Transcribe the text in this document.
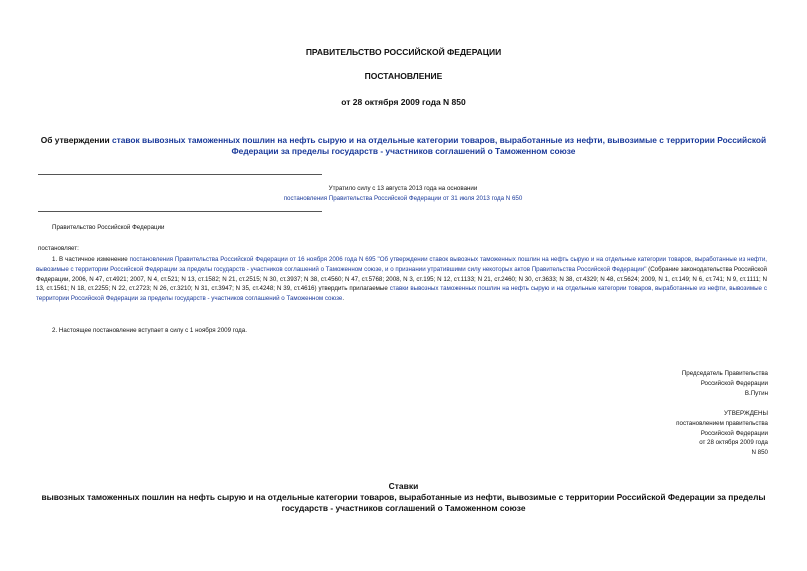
ПРАВИТЕЛЬСТВО РОССИЙСКОЙ ФЕДЕРАЦИИ
ПОСТАНОВЛЕНИЕ
от 28 октября 2009 года N 850
Об утверждении ставок вывозных таможенных пошлин на нефть сырую и на отдельные категории товаров, выработанные из нефти, вывозимые с территории Российской Федерации за пределы государств - участников соглашений о Таможенном союзе
Утратило силу с 13 августа 2013 года на основании
постановления Правительства Российской Федерации от 31 июля 2013 года N 650
Правительство Российской Федерации
постановляет:
1. В частичное изменение постановления Правительства Российской Федерации от 16 ноября 2006 года N 695 "Об утверждении ставок вывозных таможенных пошлин на нефть сырую и на отдельные категории товаров, выработанные из нефти, вывозимые с территории Российской Федерации за пределы государств - участников соглашений о Таможенном союзе, и о признании утратившими силу некоторых актов Правительства Российской Федерации" (Собрание законодательства Российской Федерации, 2006, N 47, ст.4921; 2007, N 4, ст.521; N 13, ст.1582; N 21, ст.2515; N 30, ст.3937; N 38, ст.4560; N 47, ст.5768; 2008, N 3, ст.195; N 12, ст.1133; N 21, ст.2460; N 30, ст.3633; N 38, ст.4329; N 48, ст.5624; 2009, N 1, ст.149; N 6, ст.741; N 9, ст.1111; N 13, ст.1561; N 18, ст.2255; N 22, ст.2723; N 26, ст.3210; N 31, ст.3947; N 35, ст.4248; N 39, ст.4616) утвердить прилагаемые ставки вывозных таможенных пошлин на нефть сырую и на отдельные категории товаров, выработанные из нефти, вывозимые с территории Российской Федерации за пределы государств - участников соглашений о Таможенном союзе.
2. Настоящее постановление вступает в силу с 1 ноября 2009 года.
Председатель Правительства
Российской Федерации
В.Путин
УТВЕРЖДЕНЫ
постановлением правительства
Российской Федерации
от 28 октября 2009 года
N 850
Ставки
вывозных таможенных пошлин на нефть сырую и на отдельные категории товаров, выработанные из нефти, вывозимые с территории Российской Федерации за пределы государств - участников соглашений о Таможенном союзе
